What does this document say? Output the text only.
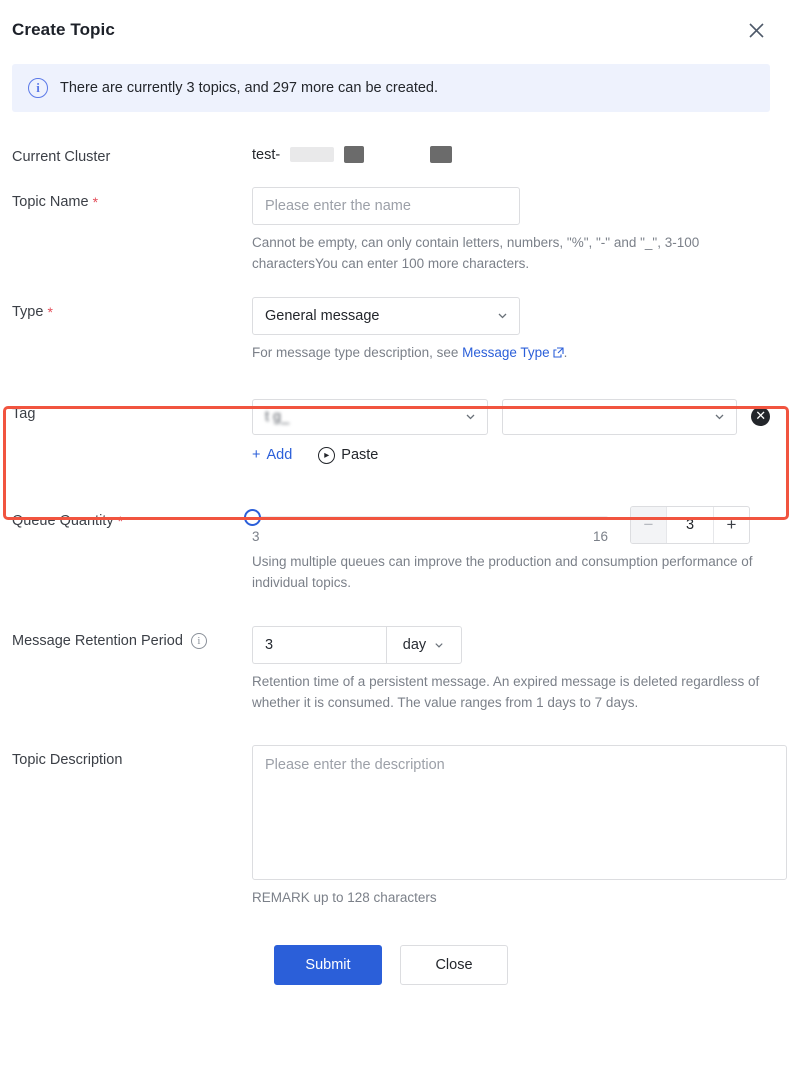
Create Topic
i	There are currently 3 topics, and 297 more can be created.
Current Cluster	test-
Topic Name *	Please enter the name
Cannot be empty, can only contain letters, numbers, "%", "-" and "_", 3-100 charactersYou can enter 100 more characters.
Type *	General message
For message type description, see Message Type .
Tag	t g_	✕
+ Add	▸ Paste
Queue Quantity *
3	16
−	3	+
Using multiple queues can improve the production and consumption performance of individual topics.
Message Retention Period	i	3	day
Retention time of a persistent message. An expired message is deleted regardless of whether it is consumed. The value ranges from 1 days to 7 days.
Topic Description	Please enter the description
REMARK up to 128 characters
Submit	Close
